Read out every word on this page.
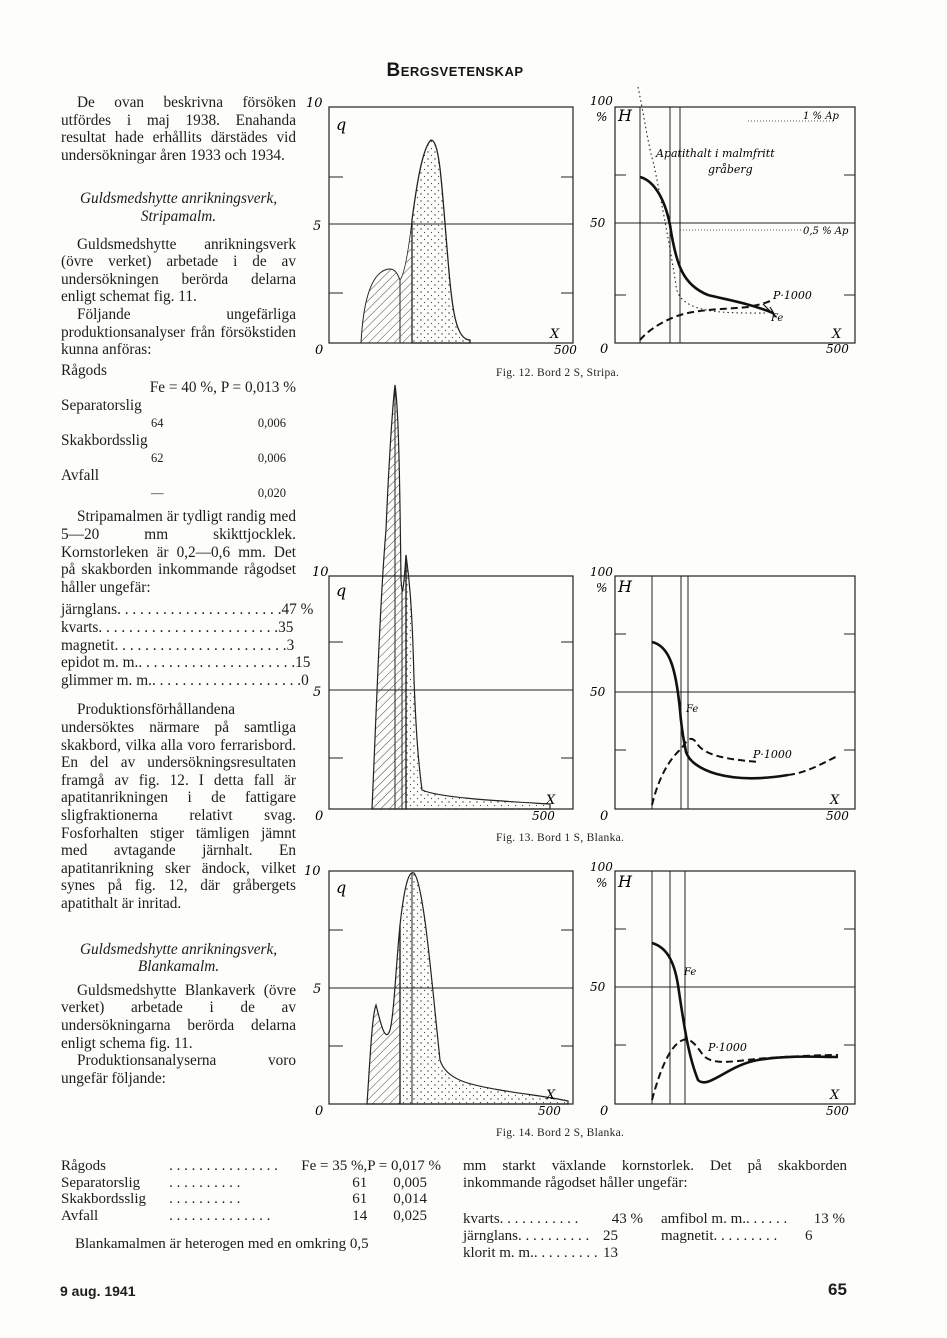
Bergsvetenskap

De ovan beskrivna försöken utfördes i maj 1938. Enahanda resultat hade erhållits därstädes vid undersökningar åren 1933 och 1934.

Guldsmedshytte anrikningsverk, Stripamalm.

Guldsmedshytte anrikningsverk (övre verket) arbetade i de av undersökningen berörda delarna enligt schemat fig. 11.

Följande ungefärliga produktionsanalyser från försökstiden kunna anföras:

Rågods

Fe = 40 %, P = 0,013 %

Separatorslig

64	0,006

Skakbordsslig

62	0,006

Avfall

—	0,020

Stripamalmen är tydligt randig med 5—20 mm skikttjocklek. Kornstorleken är 0,2—0,6 mm. Det på skakborden inkommande rågodset håller ungefär:

järnglans . . . . . . . . . . . . . . . . . . . . . . 47 %
kvarts . . . . . . . . . . . . . . . . . . . . . . . . 35
magnetit . . . . . . . . . . . . . . . . . . . . . . . 3
epidot m. m. . . . . . . . . . . . . . . . . . . . . . 15
glimmer m. m. . . . . . . . . . . . . . . . . . . . . 0

Produktionsförhållandena undersöktes närmare på samtliga skakbord, vilka alla voro ferrarisbord. En del av undersökningsresultaten framgå av fig. 12. I detta fall är apatitanrikningen i de fattigare sligfraktionerna relativt svag. Fosforhalten stiger tämligen jämnt med avtagande järnhalt. En apatitanrikning sker ändock, vilket synes på fig. 12, där gråbergets apatithalt är inritad.

Guldsmedshytte anrikningsverk, Blankamalm.

Guldsmedshytte Blankaverk (övre verket) arbetade i de av undersökningarna berörda delarna enligt schema fig. 11.

Produktionsanalyserna	voro

ungefär följande:

q
10
5
0
X
500
H
100
%
50
0
Apatithalt i malmfritt
gråberg
1 % Ap
0,5 % Ap
P·1000
Fe
X
500
Fig. 12. Bord 2 S, Stripa.
q
10
5
0
X
500
H
100
%
50
0
Fe
P·1000
X
500
Fig. 13. Bord 1 S, Blanka.
q
10
5
0
X
500
H
100
%
50
0
Fe
P·1000
X
500
Fig. 14. Bord 2 S, Blanka.
Rågods	. . . . . . . . . . . . . . .	Fe = 35 %,	P = 0,017 %
Separatorslig	. . . . . . . . . .	61	0,005
Skakbordsslig	. . . . . . . . . .	61	0,014
Avfall	. . . . . . . . . . . . . .	14	0,025
Blankamalmen är heterogen med en omkring 0,5

mm starkt växlande kornstorlek. Det på skakborden inkommande rågodset håller ungefär:

kvarts . . . . . . . . . . .	43 %
järnglans . . . . . . . . . . 25
klorit m. m. . . . . . . . . . 13
amfibol m. m. . . . . . .	13 %
magnetit . . . . . . . . .	6
9 aug. 1941	65
